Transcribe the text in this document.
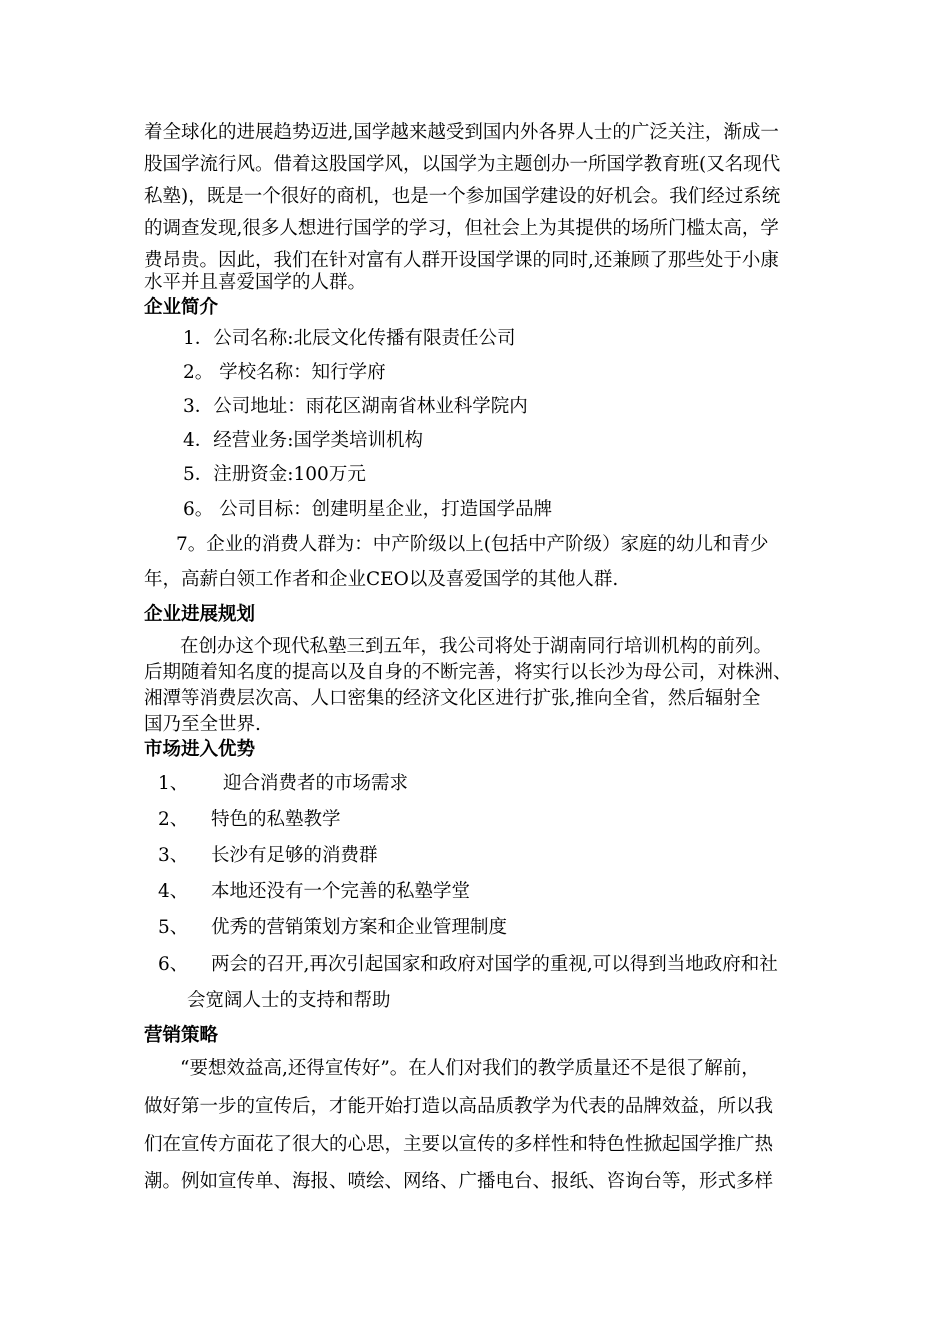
着全球化的进展趋势迈进,国学越来越受到国内外各界人士的广泛关注，渐成一
股国学流行风。借着这股国学风，以国学为主题创办一所国学教育班(又名现代
私塾)，既是一个很好的商机，也是一个参加国学建设的好机会。我们经过系统
的调查发现,很多人想进行国学的学习，但社会上为其提供的场所门槛太高，学
费昂贵。因此，我们在针对富有人群开设国学课的同时,还兼顾了那些处于小康
水平并且喜爱国学的人群。
企业简介
1．公司名称:北辰文化传播有限责任公司
2。 学校名称：知行学府
3．公司地址：雨花区湖南省林业科学院内
4．经营业务:国学类培训机构
5．注册资金:100万元
6。 公司目标：创建明星企业，打造国学品牌
7。企业的消费人群为：中产阶级以上(包括中产阶级）家庭的幼儿和青少
年，高薪白领工作者和企业CEO以及喜爱国学的其他人群.
企业进展规划
在创办这个现代私塾三到五年，我公司将处于湖南同行培训机构的前列。
后期随着知名度的提高以及自身的不断完善，将实行以长沙为母公司，对株洲、
湘潭等消费层次高、人口密集的经济文化区进行扩张,推向全省，然后辐射全
国乃至全世界.
市场进入优势
1、 迎合消费者的市场需求
2、 特色的私塾教学
3、 长沙有足够的消费群
4、 本地还没有一个完善的私塾学堂
5、 优秀的营销策划方案和企业管理制度
6、 两会的召开,再次引起国家和政府对国学的重视,可以得到当地政府和社
会宽阔人士的支持和帮助
营销策略
“要想效益高,还得宣传好”。在人们对我们的教学质量还不是很了解前，
做好第一步的宣传后，才能开始打造以高品质教学为代表的品牌效益，所以我
们在宣传方面花了很大的心思，主要以宣传的多样性和特色性掀起国学推广热
潮。例如宣传单、海报、喷绘、网络、广播电台、报纸、咨询台等，形式多样
